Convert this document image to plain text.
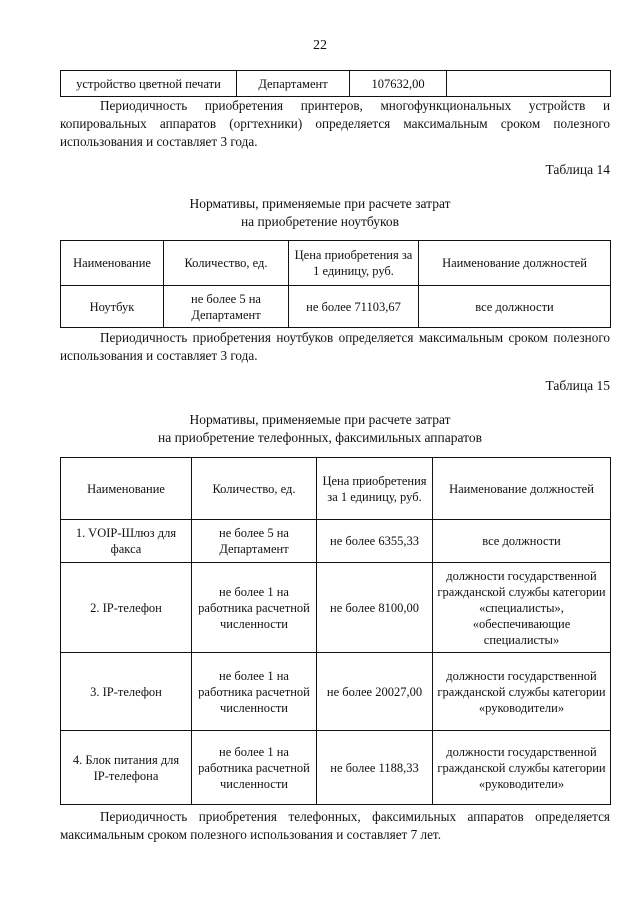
22
устройство цветной печати	Департамент	107632,00	

Периодичность приобретения принтеров, многофункциональных устройств и копировальных аппаратов (оргтехники) определяется максимальным сроком полезного использования и составляет 3 года.

Таблица 14
Нормативы, применяемые при расчете затрат
на приобретение ноутбуков
Наименование	Количество, ед.	Цена приобретения за 1 единицу, руб.	Наименование должностей
Ноутбук	не более 5 на Департамент	не более 71103,67	все должности

Периодичность приобретения ноутбуков определяется максимальным сроком полезного использования и составляет 3 года.

Таблица 15
Нормативы, применяемые при расчете затрат
на приобретение телефонных, факсимильных аппаратов
Наименование	Количество, ед.	Цена приобретения за 1 единицу, руб.	Наименование должностей
1. VOIP-Шлюз для факса	не более 5 на Департамент	не более 6355,33	все должности
2. IP-телефон	не более 1 на работника расчетной численности	не более 8100,00	должности государственной гражданской службы категории «специалисты», «обеспечивающие специалисты»
3. IP-телефон	не более 1 на работника расчетной численности	не более 20027,00	должности государственной гражданской службы категории «руководители»
4. Блок питания для IP-телефона	не более 1 на работника расчетной численности	не более 1188,33	должности государственной гражданской службы категории «руководители»

Периодичность приобретения телефонных, факсимильных аппаратов определяется максимальным сроком полезного использования и составляет 7 лет.
